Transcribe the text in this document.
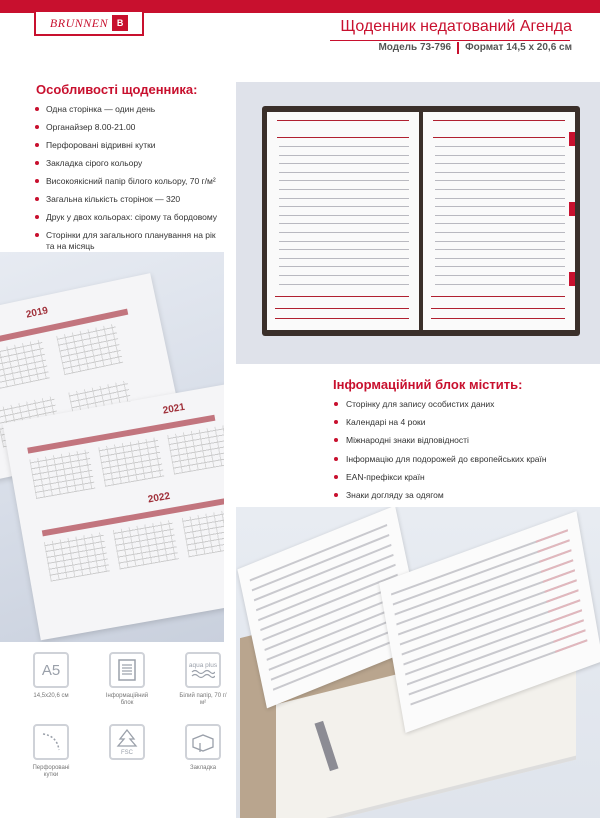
BRUNNEN B	Щоденник недатований Агенда
Модель 73-796 Формат 14,5 x 20,6 см
Особливості щоденника:
Одна сторінка — один день
Органайзер 8.00-21.00
Перфоровані відривні кутки
Закладка сірого кольору
Високоякісний папір білого кольору, 70 г/м²
Загальна кількість сторінок — 320
Друк у двох кольорах: сірому та бордовому
Сторінки для загального планування на рік та на місяць
2019
2021
2022
Інформаційний блок містить:
Сторінку для запису особистих даних
Календарі на 4 роки
Міжнародні знаки відповідності
Інформацію для подорожей до європейських країн
EAN-префікси країн
Знаки догляду за одягом
A5
14,5x20,6 см	Інформаційний блок
aqua plus
Білий папір, 70 г/м²
Перфоровані кутки
FSC
Закладка
